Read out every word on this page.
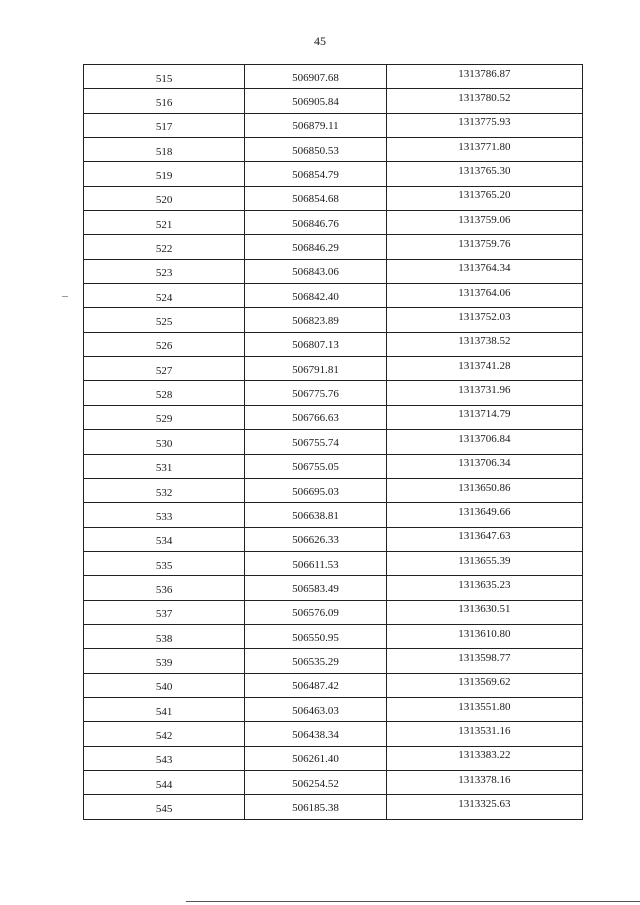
45
515	506907.68	1313786.87
516	506905.84	1313780.52
517	506879.11	1313775.93
518	506850.53	1313771.80
519	506854.79	1313765.30
520	506854.68	1313765.20
521	506846.76	1313759.06
522	506846.29	1313759.76
523	506843.06	1313764.34
524	506842.40	1313764.06
525	506823.89	1313752.03
526	506807.13	1313738.52
527	506791.81	1313741.28
528	506775.76	1313731.96
529	506766.63	1313714.79
530	506755.74	1313706.84
531	506755.05	1313706.34
532	506695.03	1313650.86
533	506638.81	1313649.66
534	506626.33	1313647.63
535	506611.53	1313655.39
536	506583.49	1313635.23
537	506576.09	1313630.51
538	506550.95	1313610.80
539	506535.29	1313598.77
540	506487.42	1313569.62
541	506463.03	1313551.80
542	506438.34	1313531.16
543	506261.40	1313383.22
544	506254.52	1313378.16
545	506185.38	1313325.63
